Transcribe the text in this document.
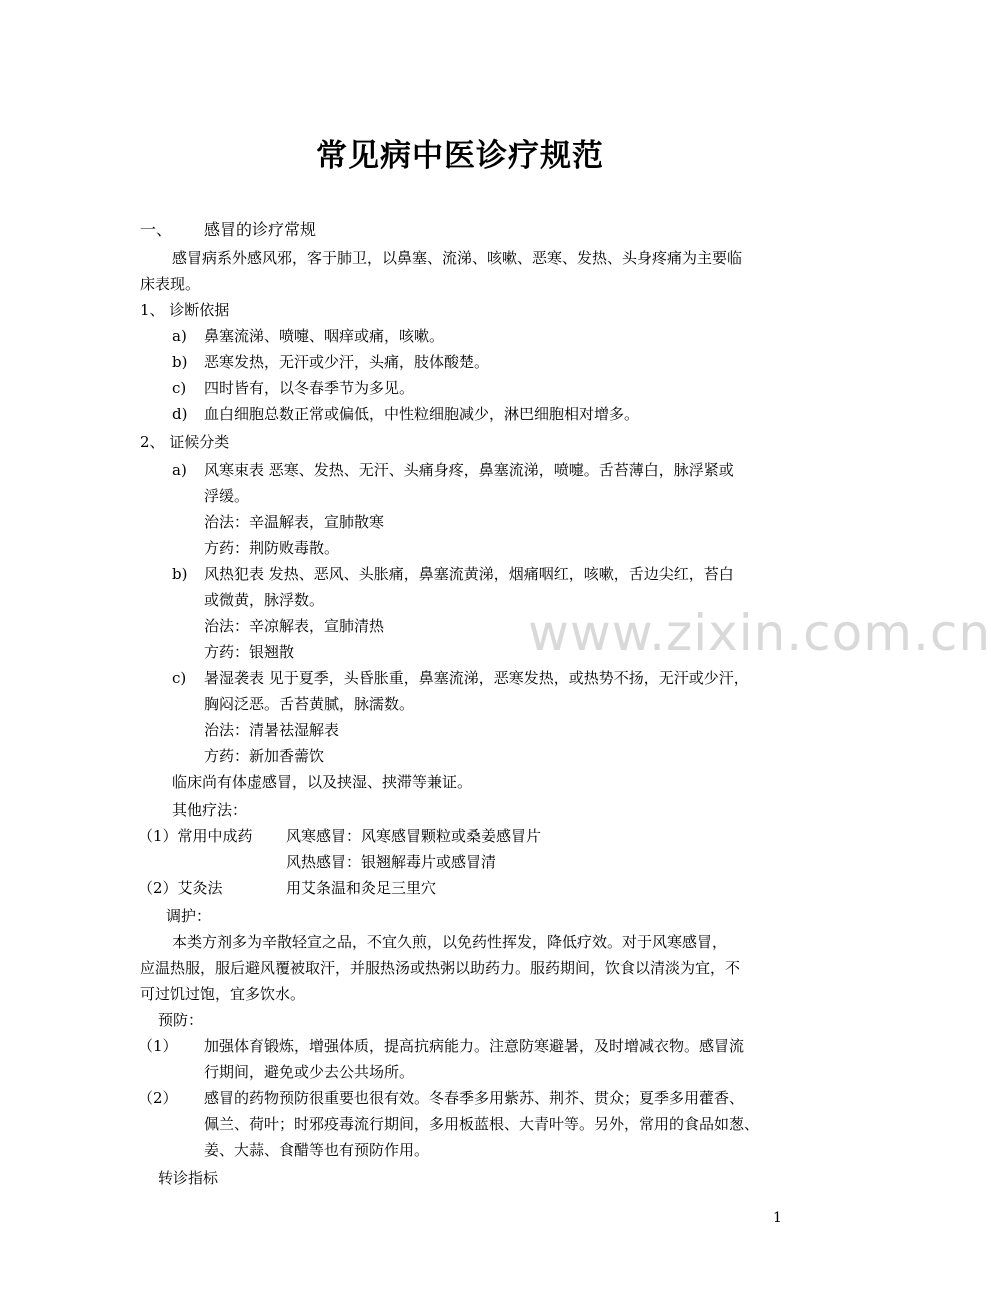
常见病中医诊疗规范
一、 感冒的诊疗常规
感冒病系外感风邪，客于肺卫，以鼻塞、流涕、咳嗽、恶寒、发热、头身疼痛为主要临
床表现。
1、 诊断依据
a) 鼻塞流涕、喷嚏、咽痒或痛，咳嗽。
b) 恶寒发热，无汗或少汗，头痛，肢体酸楚。
c) 四时皆有，以冬春季节为多见。
d) 血白细胞总数正常或偏低，中性粒细胞减少，淋巴细胞相对增多。
2、 证候分类
a) 风寒束表 恶寒、发热、无汗、头痛身疼，鼻塞流涕，喷嚏。舌苔薄白，脉浮紧或
浮缓。
治法：辛温解表，宣肺散寒
方药：荆防败毒散。
b) 风热犯表 发热、恶风、头胀痛，鼻塞流黄涕，烟痛咽红，咳嗽，舌边尖红，苔白
或微黄，脉浮数。
治法：辛凉解表，宣肺清热
方药：银翘散
c) 暑湿袭表 见于夏季，头昏胀重，鼻塞流涕，恶寒发热，或热势不扬，无汗或少汗，
胸闷泛恶。舌苔黄腻，脉濡数。
治法：清暑祛湿解表
方药：新加香薷饮
临床尚有体虚感冒，以及挟湿、挟滞等兼证。
其他疗法：
（1）常用中成药 风寒感冒：风寒感冒颗粒或桑姜感冒片
风热感冒：银翘解毒片或感冒清
（2）艾灸法	用艾条温和灸足三里穴
调护：
本类方剂多为辛散轻宣之品，不宜久煎，以免药性挥发，降低疗效。对于风寒感冒，
应温热服，服后避风覆被取汗，并服热汤或热粥以助药力。服药期间，饮食以清淡为宜，不
可过饥过饱，宜多饮水。
预防：
（1） 加强体育锻炼，增强体质，提高抗病能力。注意防寒避暑，及时增减衣物。感冒流
行期间，避免或少去公共场所。
（2） 感冒的药物预防很重要也很有效。冬春季多用紫苏、荆芥、贯众；夏季多用藿香、
佩兰、荷叶；时邪疫毒流行期间，多用板蓝根、大青叶等。另外，常用的食品如葱、
姜、大蒜、食醋等也有预防作用。
转诊指标
www.zixin.com.cn
1
